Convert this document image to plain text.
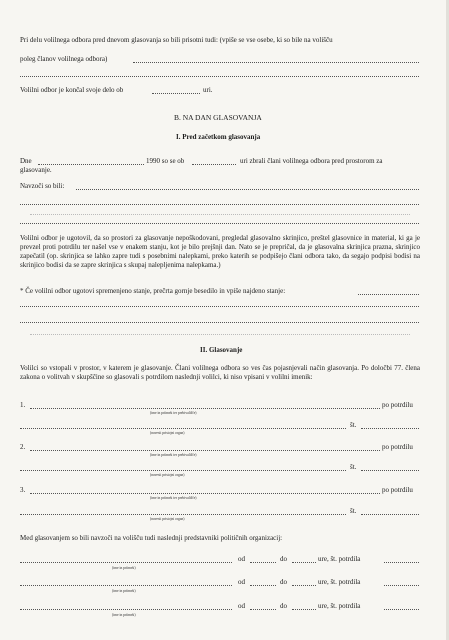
Pri delu volilnega odbora pred dnevom glasovanja so bili prisotni tudi: (vpiše se vse osebe, ki so bile na volišču
poleg članov volilnega odbora)
Volilni odbor je končal svoje delo ob	uri.
B. NA DAN GLASOVANJA
I. Pred začetkom glasovanja
Dne	1990 so se ob	uri zbrali člani volilnega odbora pred prostorom za
glasovanje.
Navzoči so bili:
Volilni odbor je ugotovil, da so prostori za glasovanje nepoškodovani, pregledal glasovalno skrinjico, preštel glasovnice in material, ki ga je prevzel proti potrdilu ter našel vse v enakem stanju, kot je bilo prejšnji dan. Nato se je prepričal, da je glasovalna skrinjica prazna, skrinjico zapečatil (op. skrinjica se lahko zapre tudi s posebnimi nalepkami, preko katerih se podpišejo člani odbora tako, da segajo podpisi bodisi na skrinjico bodisi da se zapre skrinjica s skupaj nalepljenima nalepkama.)
* Če volilni odbor ugotovi spremenjeno stanje, prečrta gornje besedilo in vpiše najdeno stanje:
II. Glasovanje
Volilci so vstopali v prostor, v katerem je glasovanje. Člani volilnega odbora so ves čas pojasnjevali način glasovanja. Po določbi 77. člena zakona o volitvah v skupščine so glasovali s potrdilom naslednji volilci, ki niso vpisani v volilni imenik:
1.	po potrdilu
(ime in priimek ter prebivališče)
št.
(navesti pristojni organ)
2.	po potrdilu
(ime in priimek ter prebivališče)
št.
(navesti pristojni organ)
3.	po potrdilu
(ime in priimek ter prebivališče)
št.
(navesti pristojni organ)
Med glasovanjem so bili navzoči na volišču tudi naslednji predstavniki političnih organizacij:
od	do	ure, št. potrdila
(ime in priimek)
od	do	ure, št. potrdila
(ime in priimek)
od	do	ure, št. potrdila
(ime in priimek)
